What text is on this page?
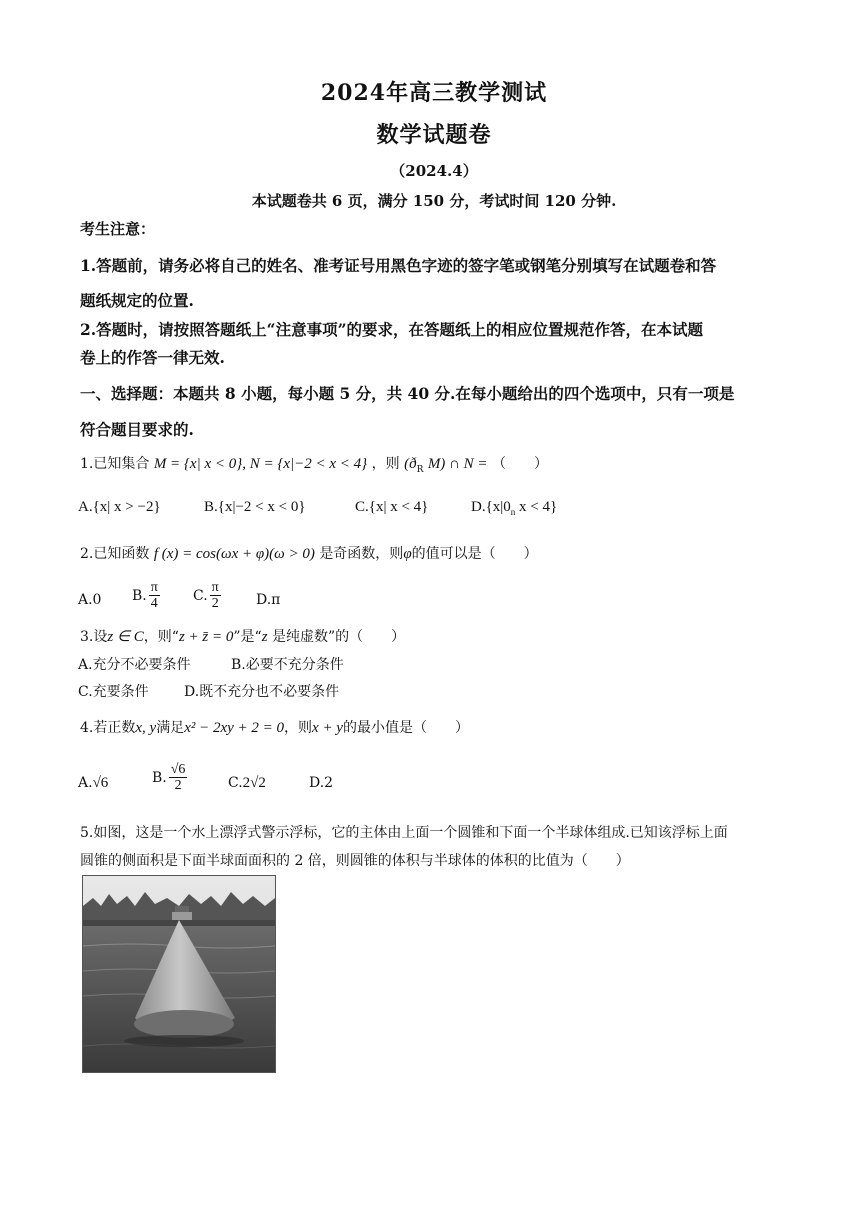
2024年高三教学测试
数学试题卷
（2024.4）
本试题卷共 6 页，满分 150 分，考试时间 120 分钟.
考生注意：
1.答题前，请务必将自己的姓名、准考证号用黑色字迹的签字笔或钢笔分别填写在试题卷和答
题纸规定的位置.
2.答题时，请按照答题纸上“注意事项”的要求，在答题纸上的相应位置规范作答，在本试题
卷上的作答一律无效.
一、选择题：本题共 8 小题，每小题 5 分，共 40 分.在每小题给出的四个选项中，只有一项是
符合题目要求的.
1.已知集合 M = {x| x < 0}, N = {x|−2 < x < 4} ，则 ($ð_R$ M) ∩ N = （　　）
A.{x| x > −2}	B.{x|−2 < x < 0}	C.{x| x < 4}	$D.\{x|0_n$ x < 4}
2.已知函数 f (x) = cos(ωx + φ)(ω > 0) 是奇函数，则φ的值可以是（　　）
A.0 B. $\frac{\pi}{4} C$. $\frac{\pi}{2}$	D.π
3.设z ∈ C，则“z + z̄ = 0”是“z 是纯虚数”的（　　）
A.充分不必要条件	B.必要不充分条件
C.充要条件	D.既不充分也不必要条件
4.若正数x, y满足x² − 2xy + 2 = 0，则x + y的最小值是（　　）
A.√6	B. $\frac{√6}{2}$	C.2√2	D.2
5.如图，这是一个水上漂浮式警示浮标，它的主体由上面一个圆锥和下面一个半球体组成.已知该浮标上面
圆锥的侧面积是下面半球面面积的 2 倍，则圆锥的体积与半球体的体积的比值为（　　）
